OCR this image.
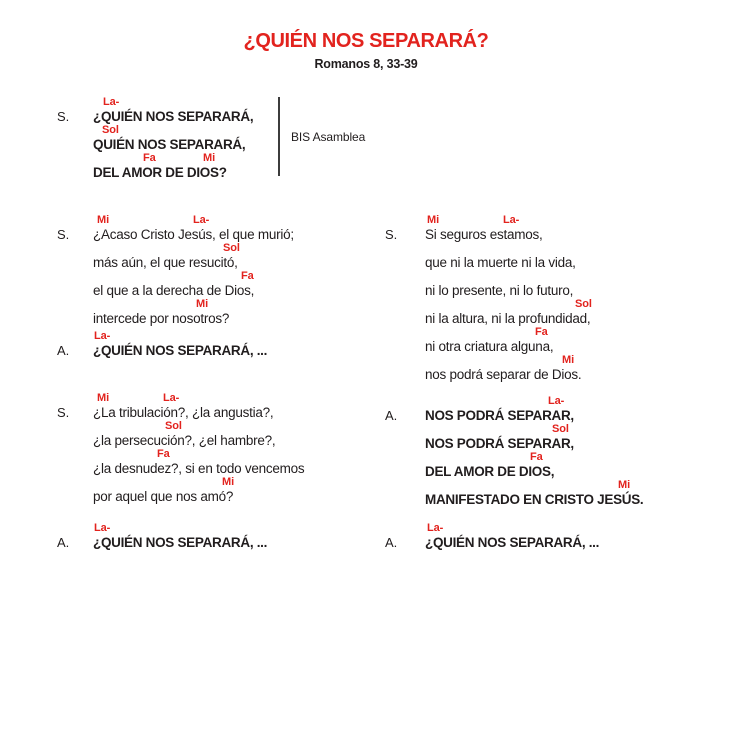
¿QUIÉN NOS SEPARARÁ?
Romanos 8, 33-39
BIS Asamblea
S.
La-
¿QUIÉN NOS SEPARARÁ,
Sol
QUIÉN NOS SEPARARÁ,
Fa	Mi
DEL AMOR DE DIOS?
S.
Mi	La-
¿Acaso Cristo Jesús, el que murió;
Sol
más aún, el que resucitó,
Fa
el que a la derecha de Dios,
Mi
intercede por nosotros?
A.
La-
¿QUIÉN NOS SEPARARÁ, ...
S.
Mi	La-
¿La tribulación?, ¿la angustia?,
Sol
¿la persecución?, ¿el hambre?,
Fa
¿la desnudez?, si en todo vencemos
Mi
por aquel que nos amó?
A.
La-
¿QUIÉN NOS SEPARARÁ, ...
S.
Mi	La-
Si seguros estamos,
que ni la muerte ni la vida,
ni lo presente, ni lo futuro,
Sol
ni la altura, ni la profundidad,
Fa
ni otra criatura alguna,
Mi
nos podrá separar de Dios.
A.
La-
NOS PODRÁ SEPARAR,
Sol
NOS PODRÁ SEPARAR,
Fa
DEL AMOR DE DIOS,
Mi
MANIFESTADO EN CRISTO JESÚS.
A.
La-
¿QUIÉN NOS SEPARARÁ, ...
